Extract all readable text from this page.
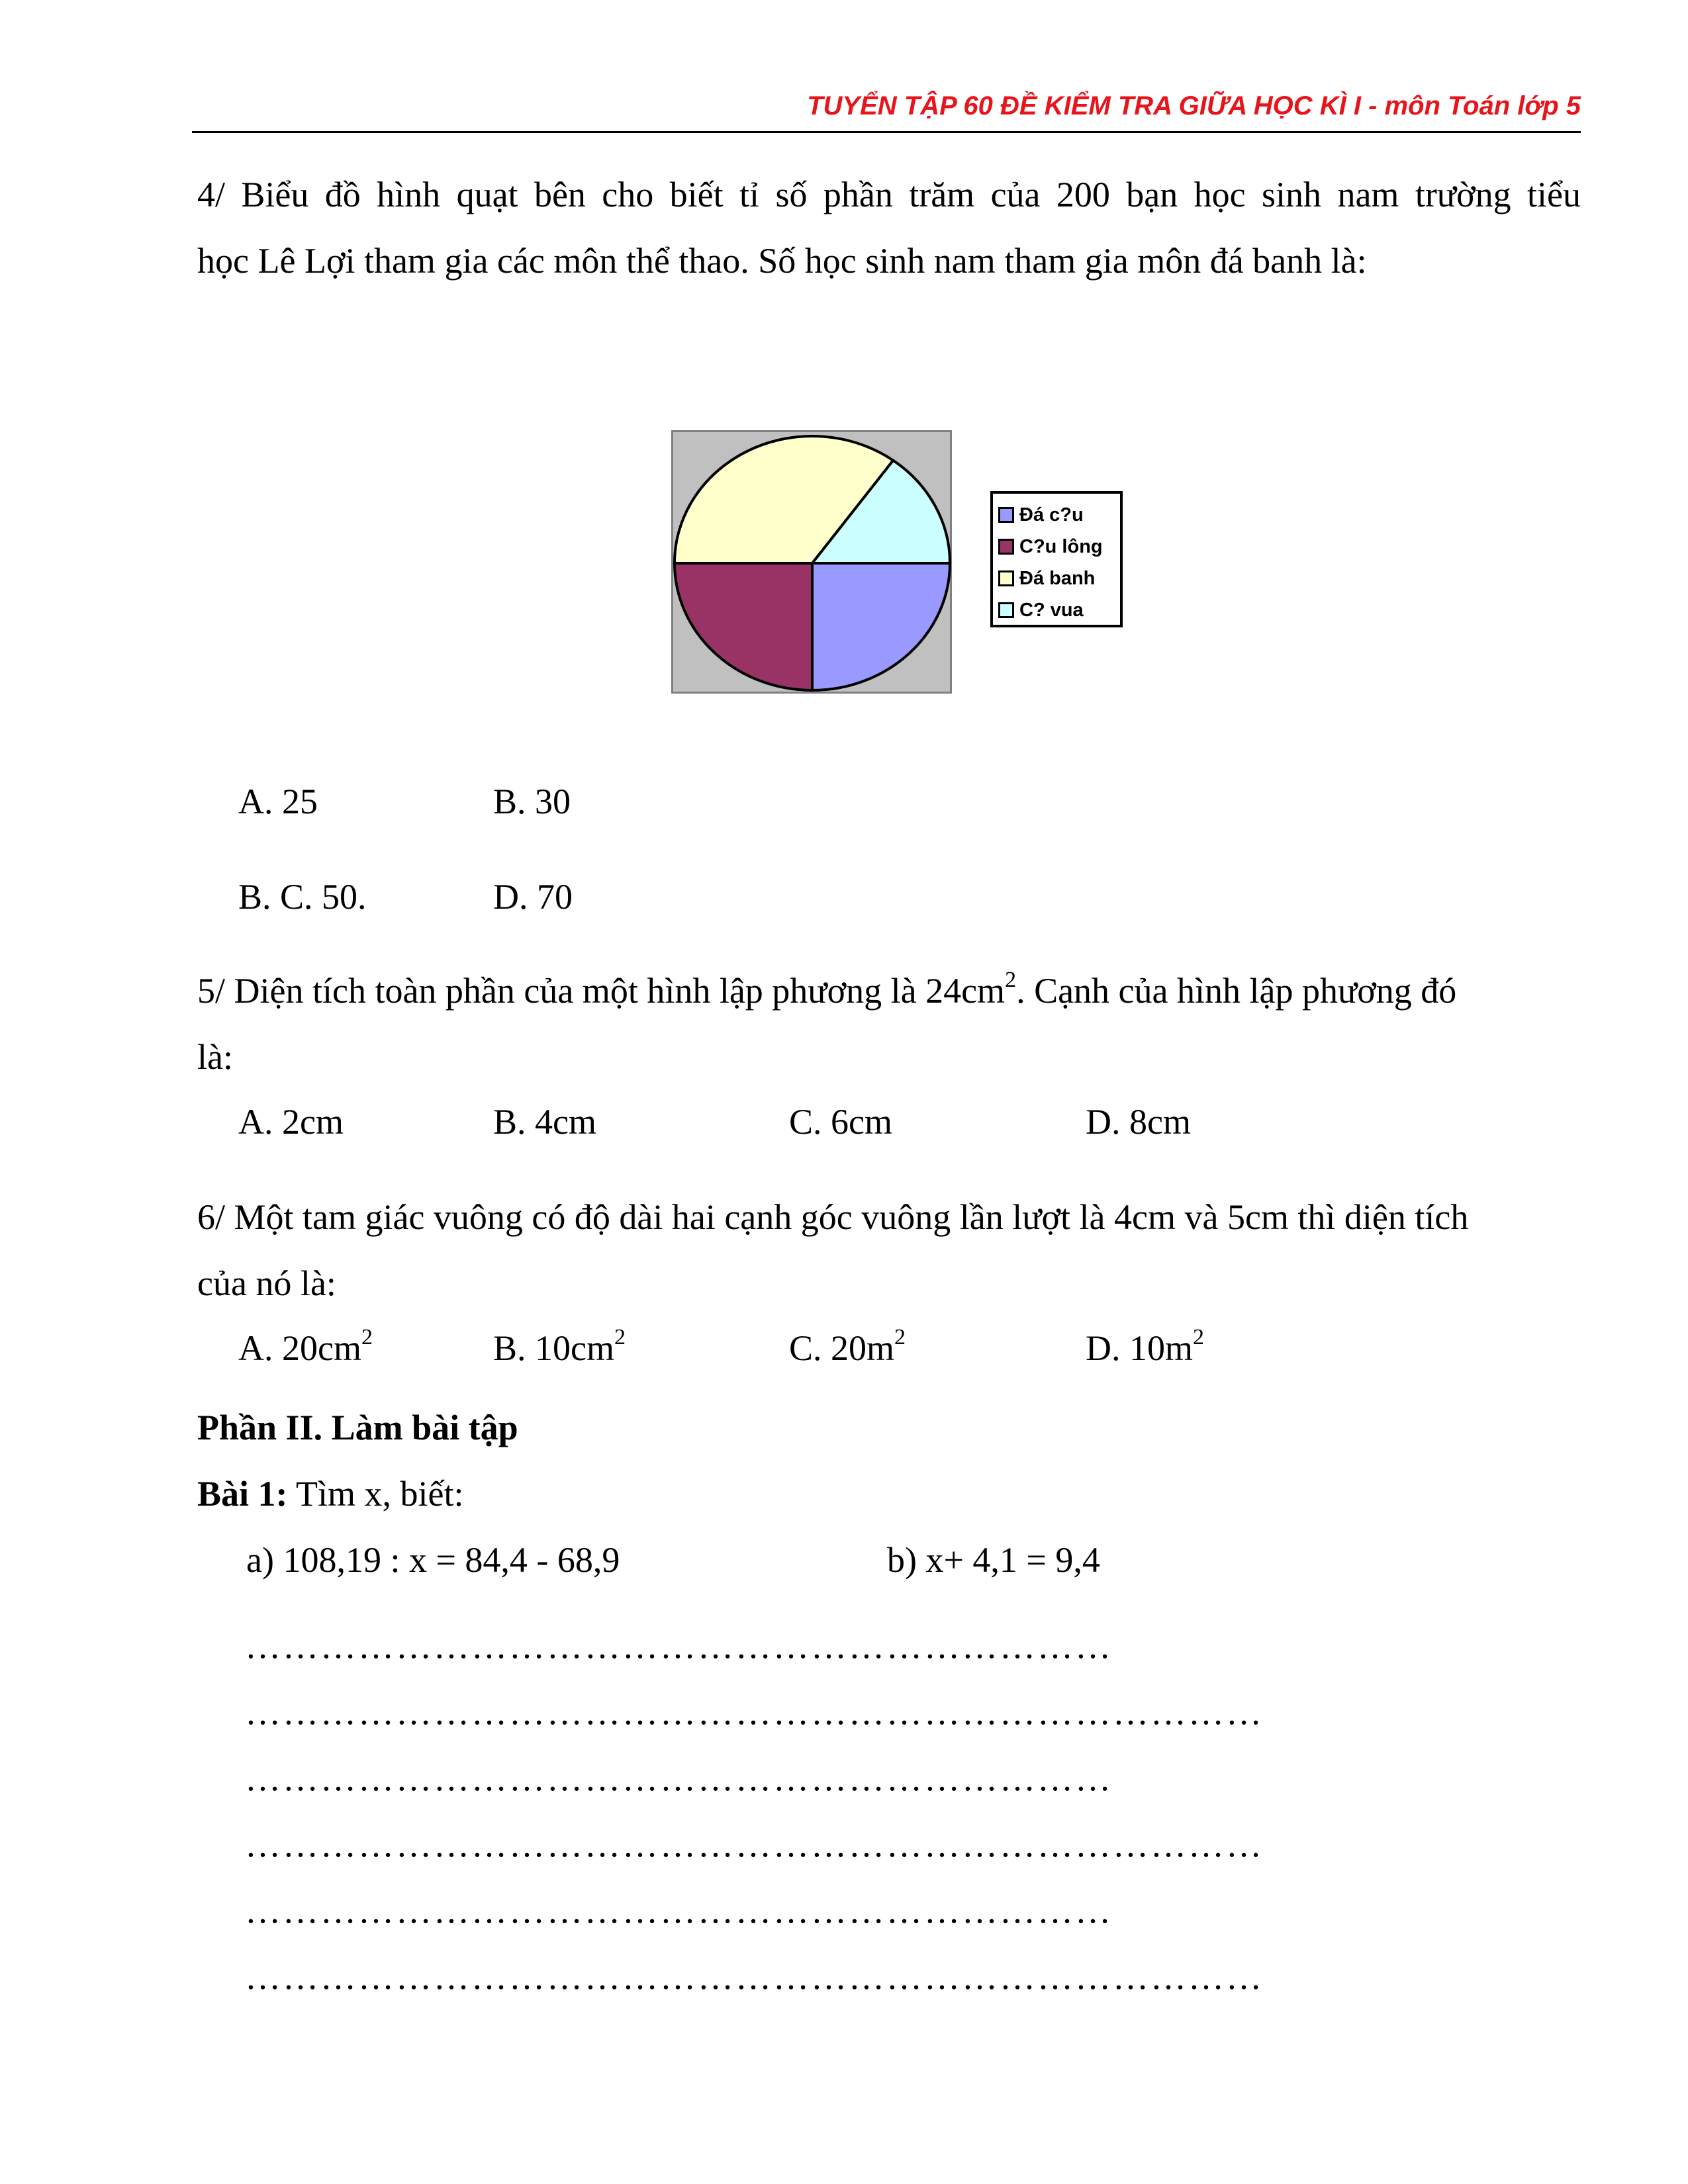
TUYỂN TẬP 60 ĐỀ KIỂM TRA GIỮA HỌC KÌ I - môn Toán lớp 5
4/ Biểu đồ hình quạt bên cho biết tỉ số phần trăm của 200 bạn học sinh nam trường tiểu
học Lê Lợi tham gia các môn thể thao. Số học sinh nam tham gia môn đá banh là:
Đá c?u
C?u lông
Đá banh
C? vua
A. 25	B. 30
B. C. 50.	D. 70
5/ Diện tích toàn phần của một hình lập phương là $24cm^2$. Cạnh của hình lập phương đó
là:
A. 2cm	B. 4cm	C. 6cm	D. 8cm
6/ Một tam giác vuông có độ dài hai cạnh góc vuông lần lượt là 4cm và 5cm thì diện tích
của nó là:
A. $20cm^2$	B. $10cm^2$	C. $20m^2$	D. $10m^2$
Phần II. Làm bài tập
Bài 1: Tìm x, biết:
a) 108,19 : x = 84,4 - 68,9	b) x+ 4,1 = 9,4
……………………………………………………………
………………………………………………………………………
……………………………………………………………
………………………………………………………………………
……………………………………………………………
………………………………………………………………………
